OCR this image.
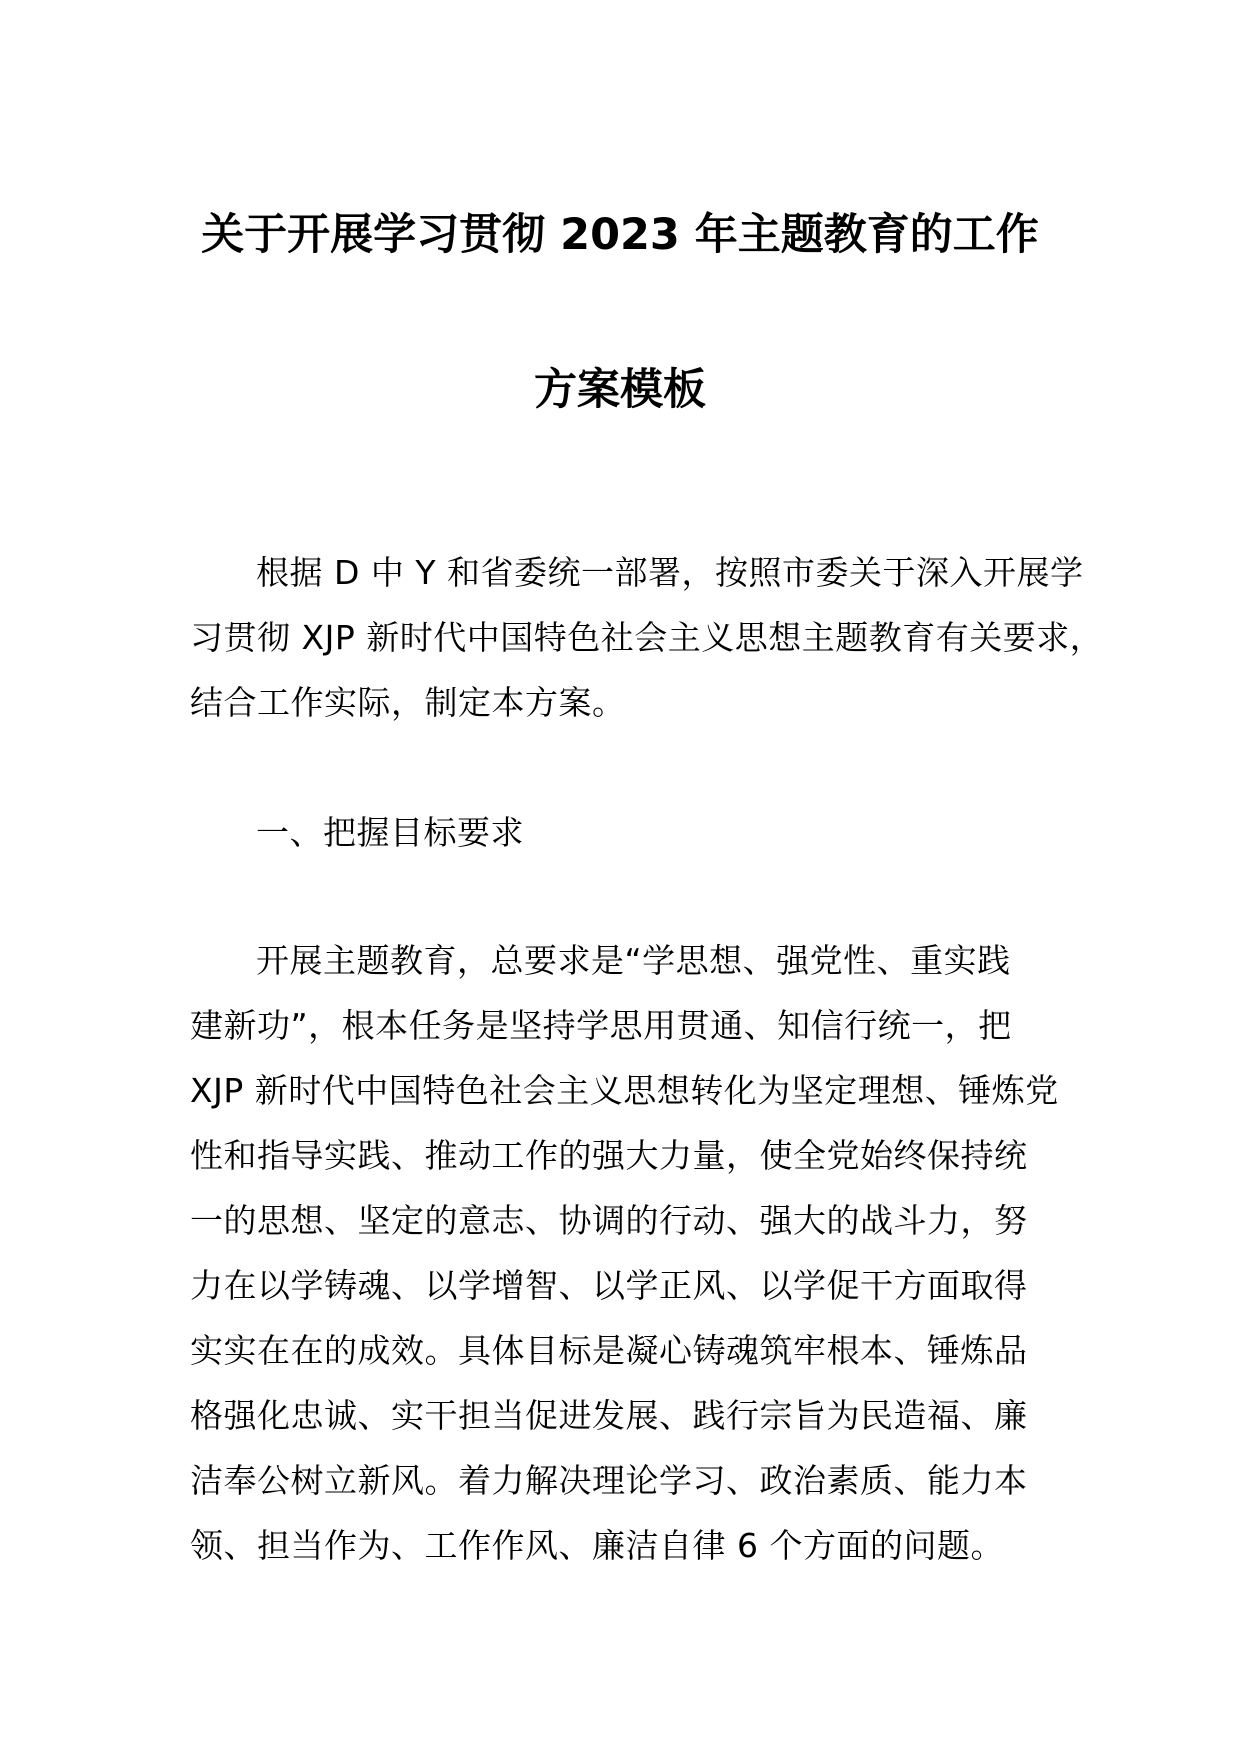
关于开展学习贯彻 2023 年主题教育的工作
方案模板
根据 D 中 Y 和省委统一部署，按照市委关于深入开展学
习贯彻 XJP 新时代中国特色社会主义思想主题教育有关要求，
结合工作实际，制定本方案。
一、把握目标要求
开展主题教育，总要求是“学思想、强党性、重实践
建新功”，根本任务是坚持学思用贯通、知信行统一，把
XJP 新时代中国特色社会主义思想转化为坚定理想、锤炼党
性和指导实践、推动工作的强大力量，使全党始终保持统
一的思想、坚定的意志、协调的行动、强大的战斗力，努
力在以学铸魂、以学增智、以学正风、以学促干方面取得
实实在在的成效。具体目标是凝心铸魂筑牢根本、锤炼品
格强化忠诚、实干担当促进发展、践行宗旨为民造福、廉
洁奉公树立新风。着力解决理论学习、政治素质、能力本
领、担当作为、工作作风、廉洁自律 6 个方面的问题。
